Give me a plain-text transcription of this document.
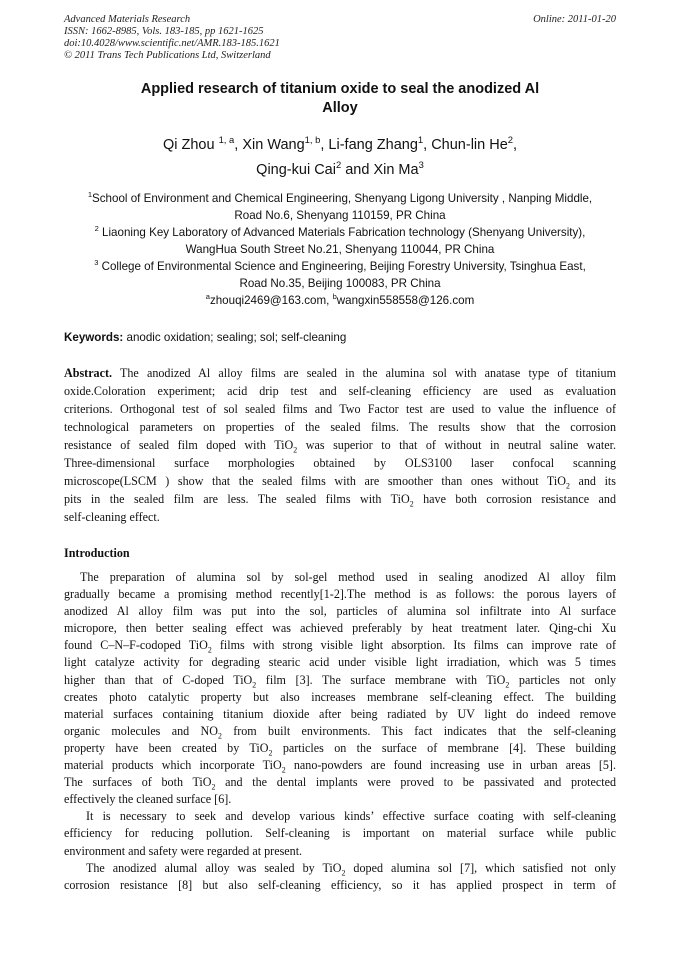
Advanced Materials Research
ISSN: 1662-8985, Vols. 183-185, pp 1621-1625
doi:10.4028/www.scientific.net/AMR.183-185.1621
© 2011 Trans Tech Publications Ltd, Switzerland
Online: 2011-01-20
Applied research of titanium oxide to seal the anodized Al
Alloy
Qi Zhou $^{1, a}$, Xin Wang$^{1, b}$, Li-fang Zhang$^1$, Chun-lin He$^2$,
Qing-kui Cai$^2$ and Xin Ma$^3$
$^1$School of Environment and Chemical Engineering, Shenyang Ligong University , Nanping Middle,
Road No.6, Shenyang 110159, PR China
$^2$ Liaoning Key Laboratory of Advanced Materials Fabrication technology (Shenyang University),
WangHua South Street No.21, Shenyang 110044, PR China
$^3$ College of Environmental Science and Engineering, Beijing Forestry University, Tsinghua East,
Road No.35, Beijing 100083, PR China
$^a$zhouqi2469@163.com, $^b$wangxin558558@126.com
Keywords: anodic oxidation; sealing; sol; self-cleaning
Abstract. The anodized Al alloy films are sealed in the alumina sol with anatase type of titanium
oxide.Coloration experiment; acid drip test and self-cleaning efficiency are used as evaluation
criterions. Orthogonal test of sol sealed films and Two Factor test are used to value the influence of
technological parameters on properties of the sealed films. The results show that the corrosion
resistance of sealed film doped with TiO$_2$ was superior to that of without in neutral saline water.
Three-dimensional surface morphologies obtained by OLS3100 laser confocal scanning
microscope(LSCM ) show that the sealed films with are smoother than ones without TiO$_2$ and its
pits in the sealed film are less. The sealed films with TiO$_2$ have both corrosion resistance and
self-cleaning effect.
Introduction
The preparation of alumina sol by sol-gel method used in sealing anodized Al alloy film
gradually became a promising method recently[1-2].The method is as follows: the porous layers of
anodized Al alloy film was put into the sol, particles of alumina sol infiltrate into Al surface
micropore, then better sealing effect was achieved preferably by heat treatment later. Qing-chi Xu
found C–N–F-codoped TiO$_2$ films with strong visible light absorption. Its films can improve rate of
light catalyze activity for degrading stearic acid under visible light irradiation, which was 5 times
higher than that of C-doped TiO$_2$ film [3]. The surface membrane with TiO$_2$ particles not only
creates photo catalytic property but also increases membrane self-cleaning effect. The building
material surfaces containing titanium dioxide after being radiated by UV light do indeed remove
organic molecules and $NO_2$ from built environments. This fact indicates that the self-cleaning
property have been created by TiO$_2$ particles on the surface of membrane [4]. These building
material products which incorporate TiO$_2$ nano-powders are found increasing use in urban areas [5].
The surfaces of both TiO$_2$ and the dental implants were proved to be passivated and protected
effectively the cleaned surface [6].
It is necessary to seek and develop various kinds’ effective surface coating with self-cleaning
efficiency for reducing pollution. Self-cleaning is important on material surface while public
environment and safety were regarded at present.
The anodized alumal alloy was sealed by TiO$_2$ doped alumina sol [7], which satisfied not only
corrosion resistance [8] but also self-cleaning efficiency, so it has applied prospect in term of
